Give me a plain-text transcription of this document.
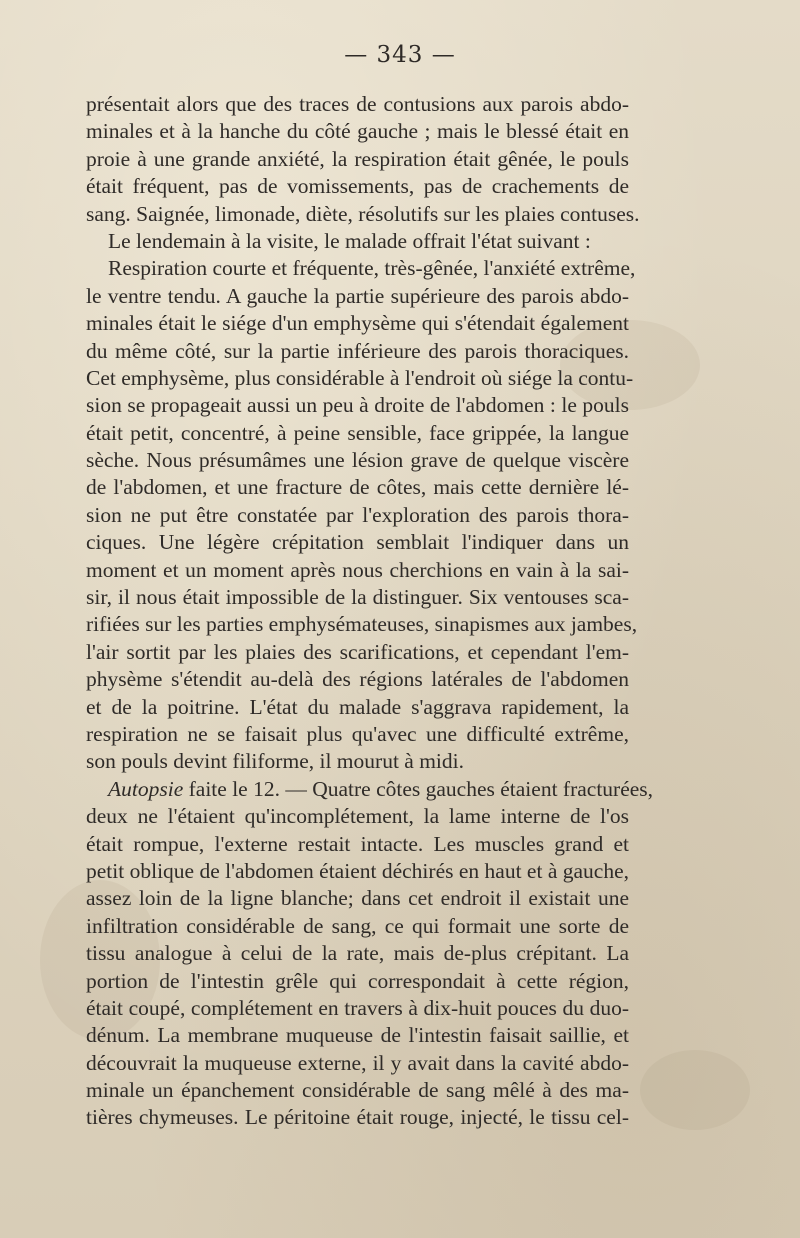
— 343 —
présentait alors que des traces de contusions aux parois abdo-
minales et à la hanche du côté gauche ; mais le blessé était en
proie à une grande anxiété, la respiration était gênée, le pouls
était fréquent, pas de vomissements, pas de crachements de
sang. Saignée, limonade, diète, résolutifs sur les plaies contuses.
Le lendemain à la visite, le malade offrait l'état suivant :
Respiration courte et fréquente, très-gênée, l'anxiété extrême,
le ventre tendu. A gauche la partie supérieure des parois abdo-
minales était le siége d'un emphysème qui s'étendait également
du même côté, sur la partie inférieure des parois thoraciques.
Cet emphysème, plus considérable à l'endroit où siége la contu-
sion se propageait aussi un peu à droite de l'abdomen : le pouls
était petit, concentré, à peine sensible, face grippée, la langue
sèche. Nous présumâmes une lésion grave de quelque viscère
de l'abdomen, et une fracture de côtes, mais cette dernière lé-
sion ne put être constatée par l'exploration des parois thora-
ciques. Une légère crépitation semblait l'indiquer dans un
moment et un moment après nous cherchions en vain à la sai-
sir, il nous était impossible de la distinguer. Six ventouses sca-
rifiées sur les parties emphysémateuses, sinapismes aux jambes,
l'air sortit par les plaies des scarifications, et cependant l'em-
physème s'étendit au-delà des régions latérales de l'abdomen
et de la poitrine. L'état du malade s'aggrava rapidement, la
respiration ne se faisait plus qu'avec une difficulté extrême,
son pouls devint filiforme, il mourut à midi.
Autopsie faite le 12. — Quatre côtes gauches étaient fracturées,
deux ne l'étaient qu'incomplétement, la lame interne de l'os
était rompue, l'externe restait intacte. Les muscles grand et
petit oblique de l'abdomen étaient déchirés en haut et à gauche,
assez loin de la ligne blanche; dans cet endroit il existait une
infiltration considérable de sang, ce qui formait une sorte de
tissu analogue à celui de la rate, mais de-plus crépitant. La
portion de l'intestin grêle qui correspondait à cette région,
était coupé, complétement en travers à dix-huit pouces du duo-
dénum. La membrane muqueuse de l'intestin faisait saillie, et
découvrait la muqueuse externe, il y avait dans la cavité abdo-
minale un épanchement considérable de sang mêlé à des ma-
tières chymeuses. Le péritoine était rouge, injecté, le tissu cel-
